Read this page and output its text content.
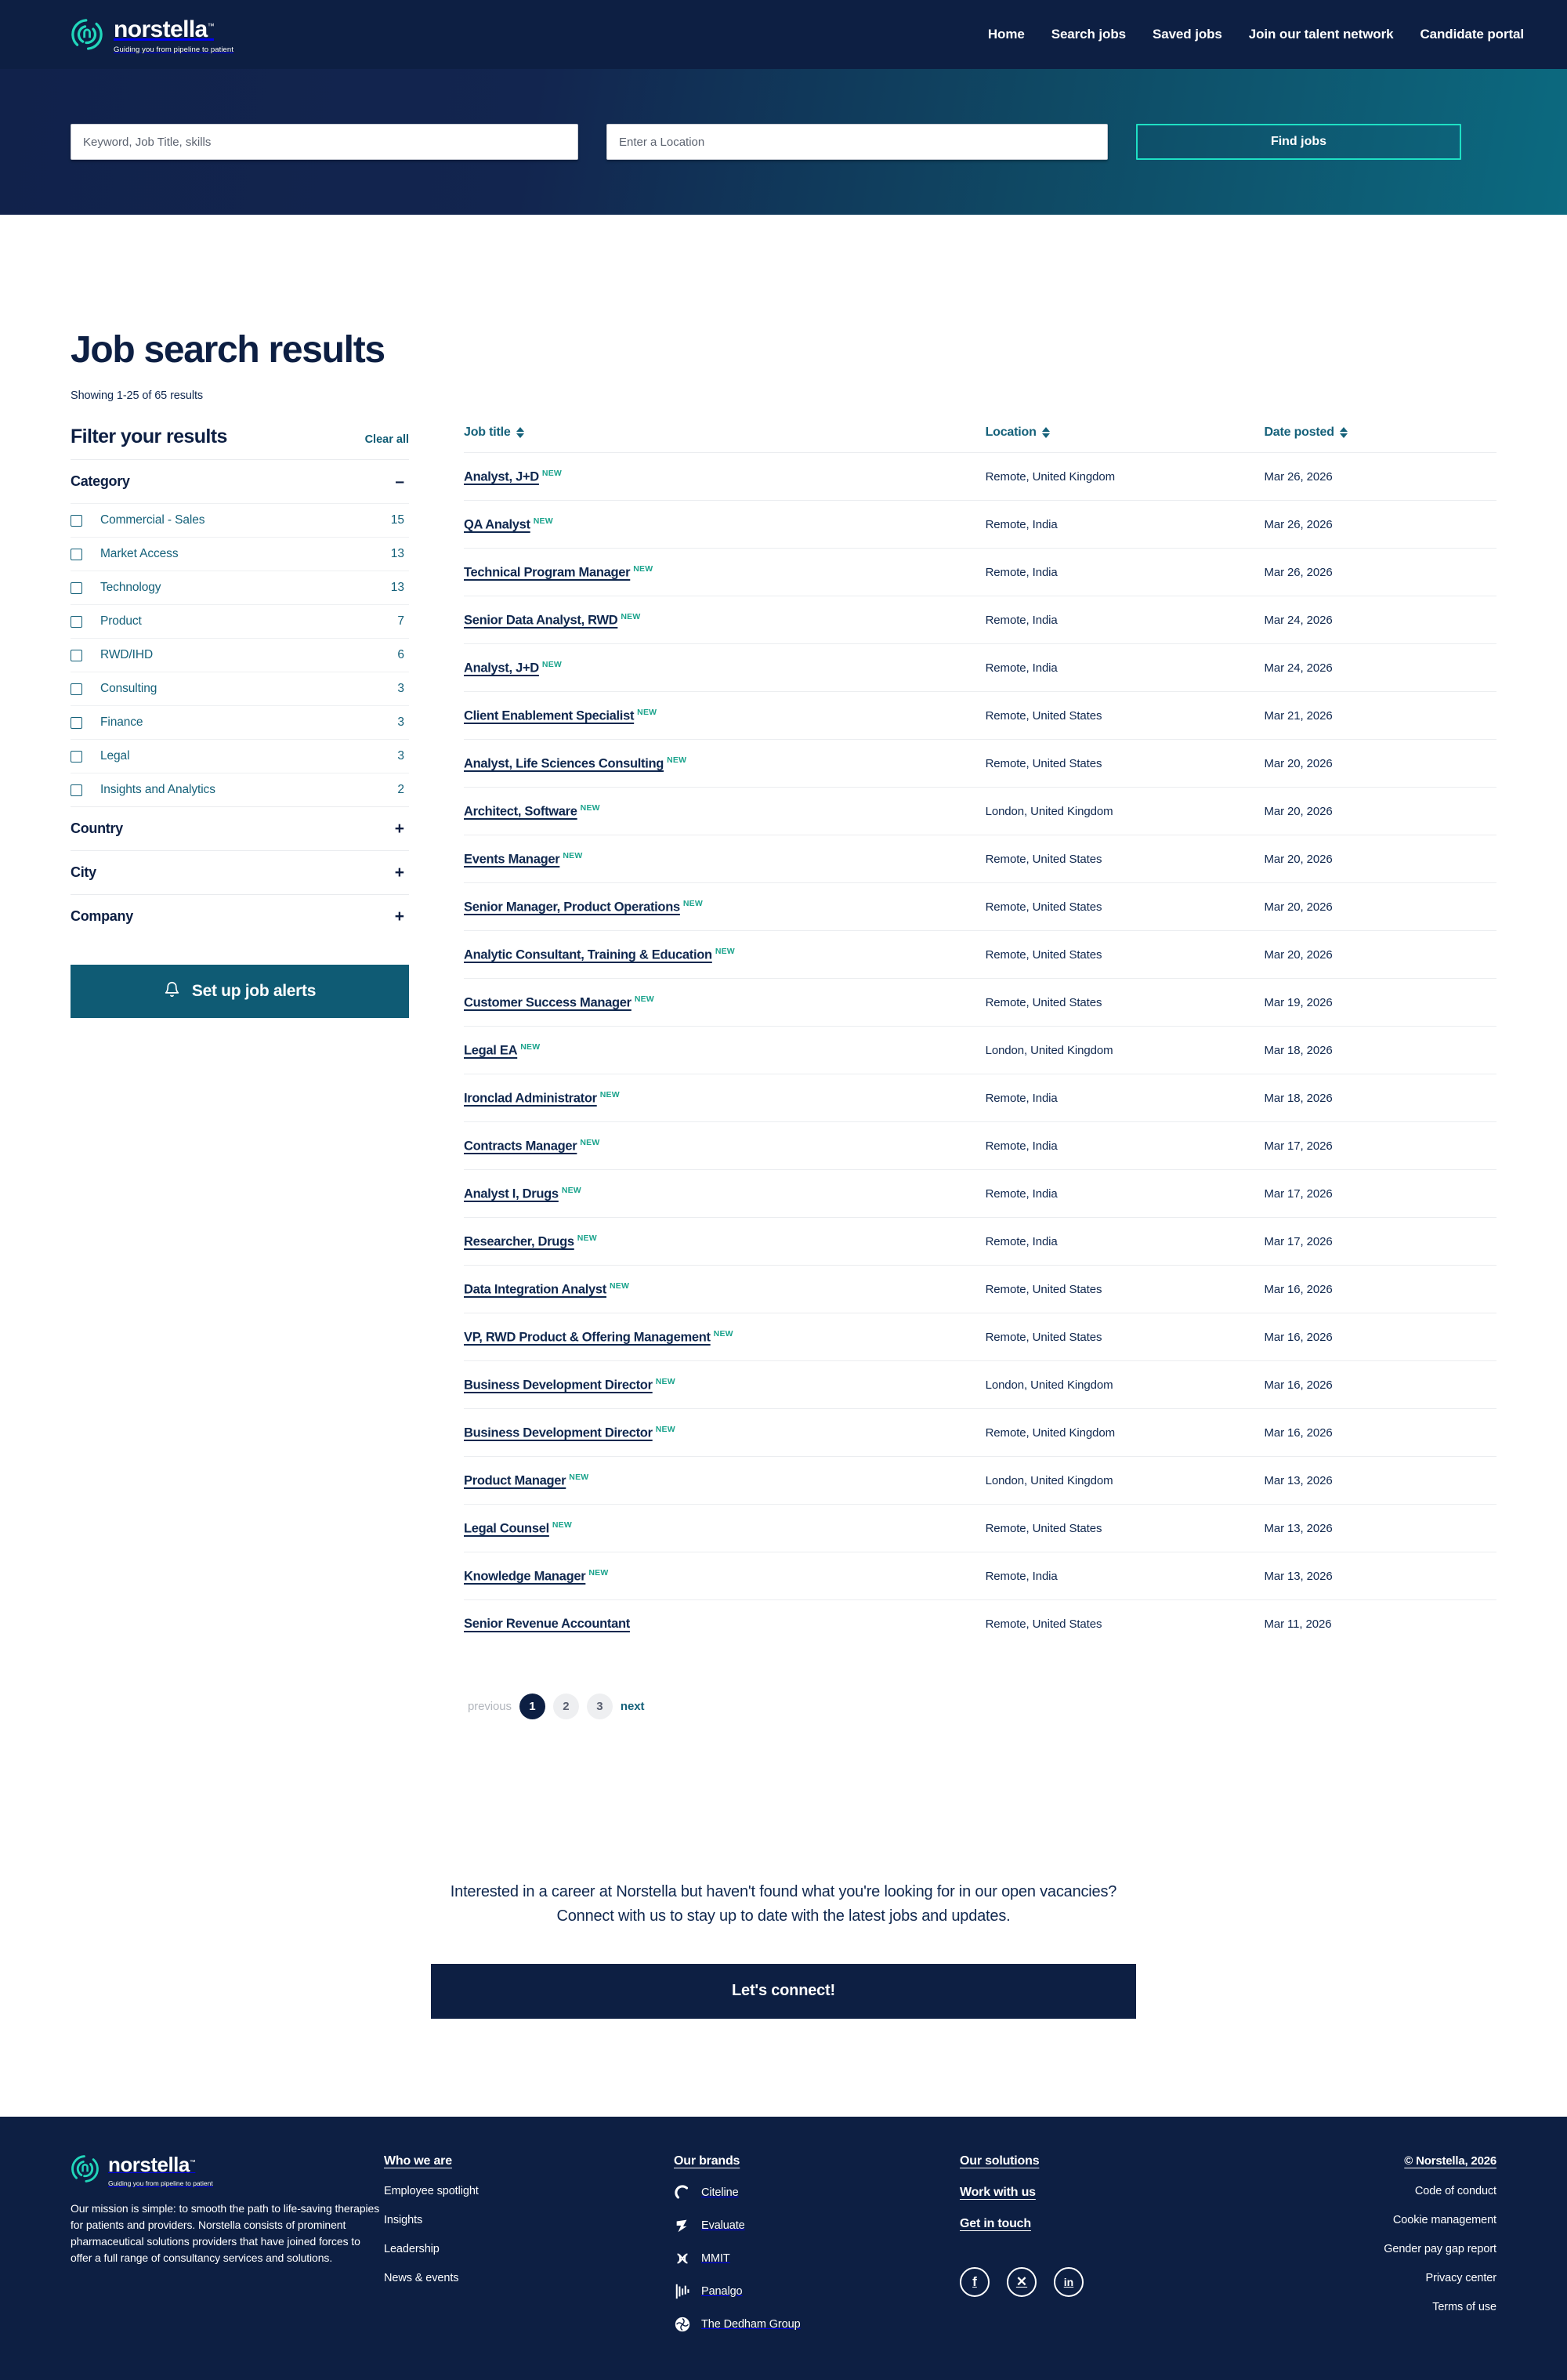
norstella™
Guiding you from pipeline to patient
Home	Search jobs	Saved jobs	Join our talent network	Candidate portal
Keyword, Job Title, skills
Enter a Location
Find jobs
Job search results
Showing 1-25 of 65 results
Filter your results	Clear all
Category	–
Commercial - Sales	15
Market Access	13
Technology	13
Product	7
RWD/IHD	6
Consulting	3
Finance	3
Legal	3
Insights and Analytics	2
Country	+
City	+
Company	+
Set up job alerts
Job title	Location	Date posted

Analyst, J+D $^{NEW}$	Remote, United Kingdom	Mar 26, 2026
QA Analyst $^{NEW}$	Remote, India	Mar 26, 2026
Technical Program Manager $^{NEW}$	Remote, India	Mar 26, 2026
Senior Data Analyst, RWD $^{NEW}$	Remote, India	Mar 24, 2026
Analyst, J+D $^{NEW}$	Remote, India	Mar 24, 2026
Client Enablement Specialist $^{NEW}$	Remote, United States	Mar 21, 2026
Analyst, Life Sciences Consulting $^{NEW}$	Remote, United States	Mar 20, 2026
Architect, Software $^{NEW}$	London, United Kingdom	Mar 20, 2026
Events Manager $^{NEW}$	Remote, United States	Mar 20, 2026
Senior Manager, Product Operations $^{NEW}$	Remote, United States	Mar 20, 2026
Analytic Consultant, Training & Education $^{NEW}$	Remote, United States	Mar 20, 2026
Customer Success Manager $^{NEW}$	Remote, United States	Mar 19, 2026
Legal EA $^{NEW}$	London, United Kingdom	Mar 18, 2026
Ironclad Administrator $^{NEW}$	Remote, India	Mar 18, 2026
Contracts Manager $^{NEW}$	Remote, India	Mar 17, 2026
Analyst I, Drugs $^{NEW}$	Remote, India	Mar 17, 2026
Researcher, Drugs $^{NEW}$	Remote, India	Mar 17, 2026
Data Integration Analyst $^{NEW}$	Remote, United States	Mar 16, 2026
VP, RWD Product & Offering Management $^{NEW}$	Remote, United States	Mar 16, 2026
Business Development Director $^{NEW}$	London, United Kingdom	Mar 16, 2026
Business Development Director $^{NEW}$	Remote, United Kingdom	Mar 16, 2026
Product Manager $^{NEW}$	London, United Kingdom	Mar 13, 2026
Legal Counsel $^{NEW}$	Remote, United States	Mar 13, 2026
Knowledge Manager $^{NEW}$	Remote, India	Mar 13, 2026
Senior Revenue Accountant	Remote, United States	Mar 11, 2026
previous	1	2	3	next

Interested in a career at Norstella but haven't found what you're looking for in our open vacancies? Connect with us to stay up to date with the latest jobs and updates.

Let's connect!
norstella™
Guiding you from pipeline to patient

Our mission is simple: to smooth the path to life-saving therapies for patients and providers. Norstella consists of prominent pharmaceutical solutions providers that have joined forces to offer a full range of consultancy services and solutions.

Who we are
Employee spotlight
Insights
Leadership
News & events
Our brands
Citeline
Evaluate
MMIT
Panalgo
The Dedham Group
Our solutions
Work with us
Get in touch
f	✕	in
© Norstella, 2026
Code of conduct
Cookie management
Gender pay gap report
Privacy center
Terms of use
